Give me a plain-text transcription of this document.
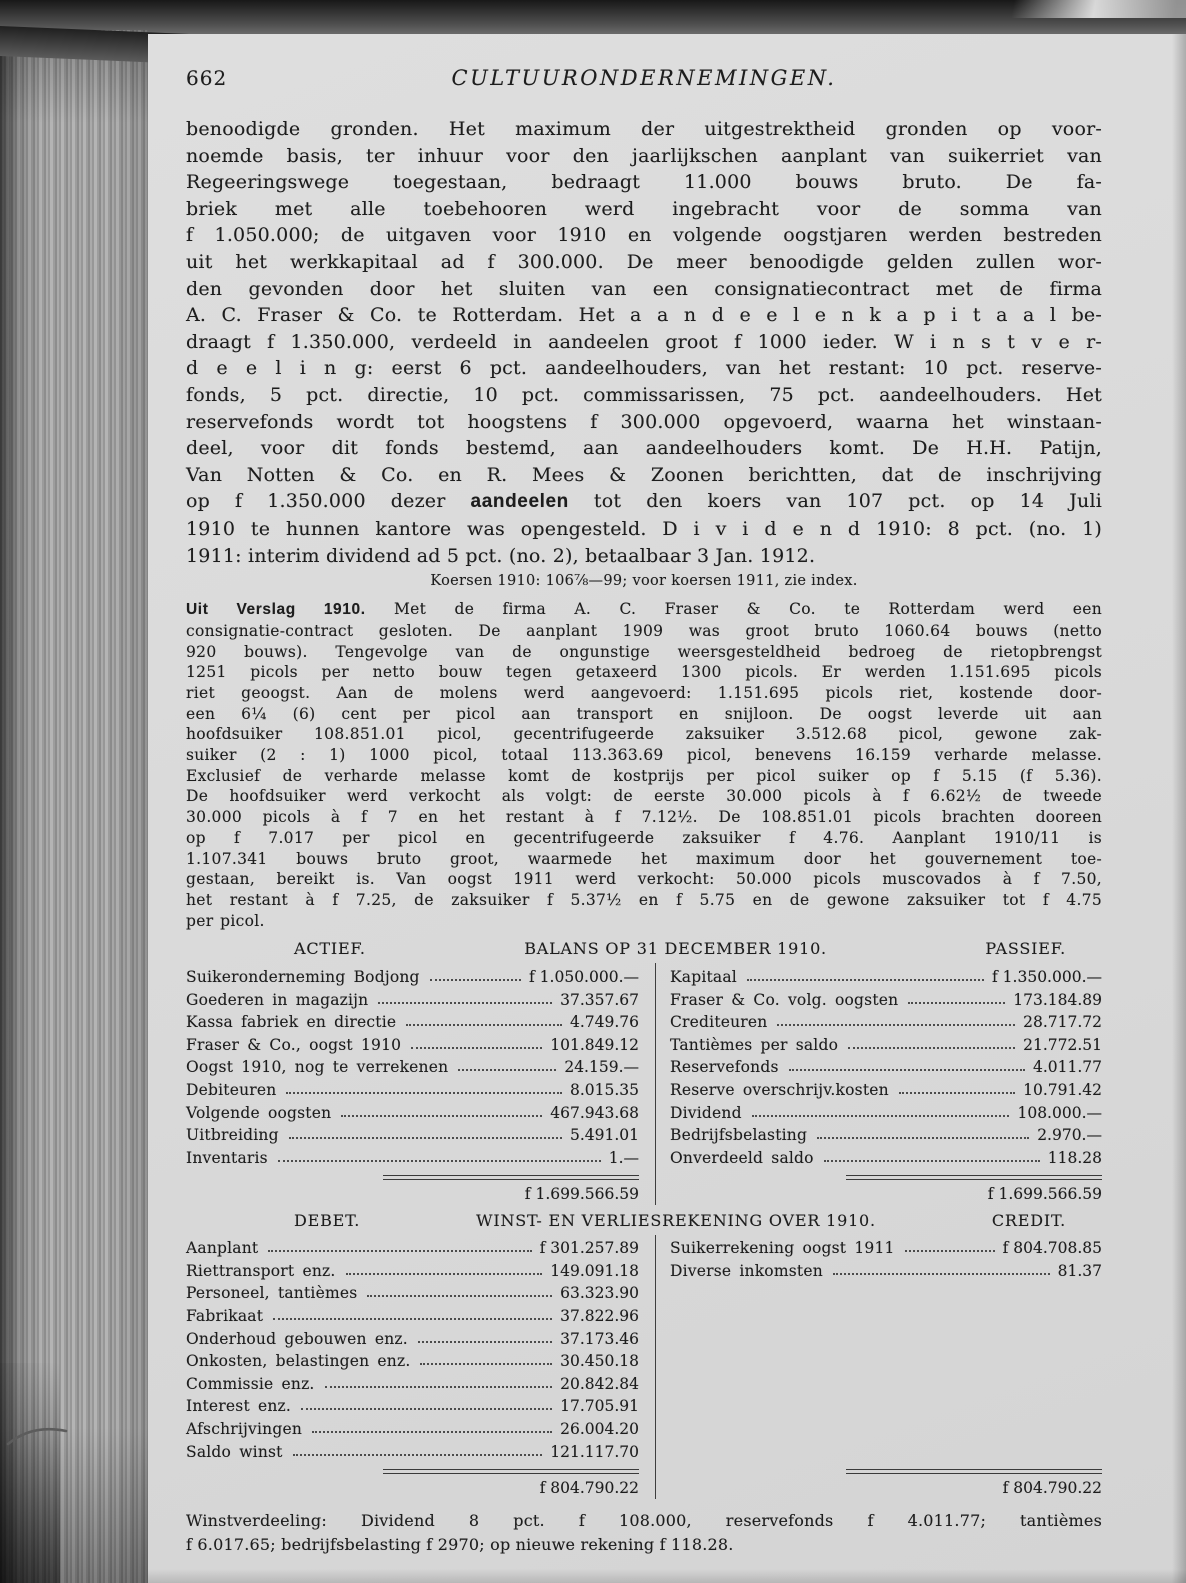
662	CULTUURONDERNEMINGEN.
benoodigde gronden. Het maximum der uitgestrektheid gronden op voor-
noemde basis, ter inhuur voor den jaarlijkschen aanplant van suikerriet van
Regeeringswege toegestaan, bedraagt 11.000 bouws bruto. De fa-
briek met alle toebehooren werd ingebracht voor de somma van
f 1.050.000; de uitgaven voor 1910 en volgende oogstjaren werden bestreden
uit het werkkapitaal ad f 300.000. De meer benoodigde gelden zullen wor-
den gevonden door het sluiten van een consignatiecontract met de firma
A. C. Fraser & Co. te Rotterdam. Het a a n d e e l e n k a p i t a a l be-
draagt f 1.350.000, verdeeld in aandeelen groot f 1000 ieder. W i n s t v e r-
d e e l i n g: eerst 6 pct. aandeelhouders, van het restant: 10 pct. reserve-
fonds, 5 pct. directie, 10 pct. commissarissen, 75 pct. aandeelhouders. Het
reservefonds wordt tot hoogstens f 300.000 opgevoerd, waarna het winstaan-
deel, voor dit fonds bestemd, aan aandeelhouders komt. De H.H. Patijn,
Van Notten & Co. en R. Mees & Zoonen berichtten, dat de inschrijving
op f 1.350.000 dezer aandeelen tot den koers van 107 pct. op 14 Juli
1910 te hunnen kantore was opengesteld. D i v i d e n d 1910: 8 pct. (no. 1)
1911: interim dividend ad 5 pct. (no. 2), betaalbaar 3 Jan. 1912.
Koersen 1910: 106⅞—99; voor koersen 1911, zie index.
Uit Verslag 1910. Met de firma A. C. Fraser & Co. te Rotterdam werd een
consignatie-contract gesloten. De aanplant 1909 was groot bruto 1060.64 bouws (netto
920 bouws). Tengevolge van de ongunstige weersgesteldheid bedroeg de rietopbrengst
1251 picols per netto bouw tegen getaxeerd 1300 picols. Er werden 1.151.695 picols
riet geoogst. Aan de molens werd aangevoerd: 1.151.695 picols riet, kostende door-
een 6¼ (6) cent per picol aan transport en snijloon. De oogst leverde uit aan
hoofdsuiker 108.851.01 picol, gecentrifugeerde zaksuiker 3.512.68 picol, gewone zak-
suiker (2 : 1) 1000 picol, totaal 113.363.69 picol, benevens 16.159 verharde melasse.
Exclusief de verharde melasse komt de kostprijs per picol suiker op f 5.15 (f 5.36).
De hoofdsuiker werd verkocht als volgt: de eerste 30.000 picols à f 6.62½ de tweede
30.000 picols à f 7 en het restant à f 7.12½. De 108.851.01 picols brachten dooreen
op f 7.017 per picol en gecentrifugeerde zaksuiker f 4.76. Aanplant 1910/11 is
1.107.341 bouws bruto groot, waarmede het maximum door het gouvernement toe-
gestaan, bereikt is. Van oogst 1911 werd verkocht: 50.000 picols muscovados à f 7.50,
het restant à f 7.25, de zaksuiker f 5.37½ en f 5.75 en de gewone zaksuiker tot f 4.75
per picol.
ACTIEF.	BALANS OP 31 DECEMBER 1910.	PASSIEF.
Suikeronderneming Bodjong	f 1.050.000.—
Goederen in magazijn	37.357.67
Kassa fabriek en directie	4.749.76
Fraser & Co., oogst 1910	101.849.12
Oogst 1910, nog te verrekenen	24.159.—
Debiteuren	8.015.35
Volgende oogsten	467.943.68
Uitbreiding	5.491.01
Inventaris	1.—
f 1.699.566.59
Kapitaal	f 1.350.000.—
Fraser & Co. volg. oogsten	173.184.89
Crediteuren	28.717.72
Tantièmes per saldo	21.772.51
Reservefonds	4.011.77
Reserve overschrijv.kosten	10.791.42
Dividend	108.000.—
Bedrijfsbelasting	2.970.—
Onverdeeld saldo	118.28
f 1.699.566.59
DEBET.	WINST- EN VERLIESREKENING OVER 1910.	CREDIT.
Aanplant	f 301.257.89
Riettransport enz.	149.091.18
Personeel, tantièmes	63.323.90
Fabrikaat	37.822.96
Onderhoud gebouwen enz.	37.173.46
Onkosten, belastingen enz.	30.450.18
Commissie enz.	20.842.84
Interest enz.	17.705.91
Afschrijvingen	26.004.20
Saldo winst	121.117.70
f 804.790.22
Suikerrekening oogst 1911	f 804.708.85
Diverse inkomsten	81.37
f 804.790.22
Winstverdeeling: Dividend 8 pct. f 108.000, reservefonds f 4.011.77; tantièmes
f 6.017.65; bedrijfsbelasting f 2970; op nieuwe rekening f 118.28.
